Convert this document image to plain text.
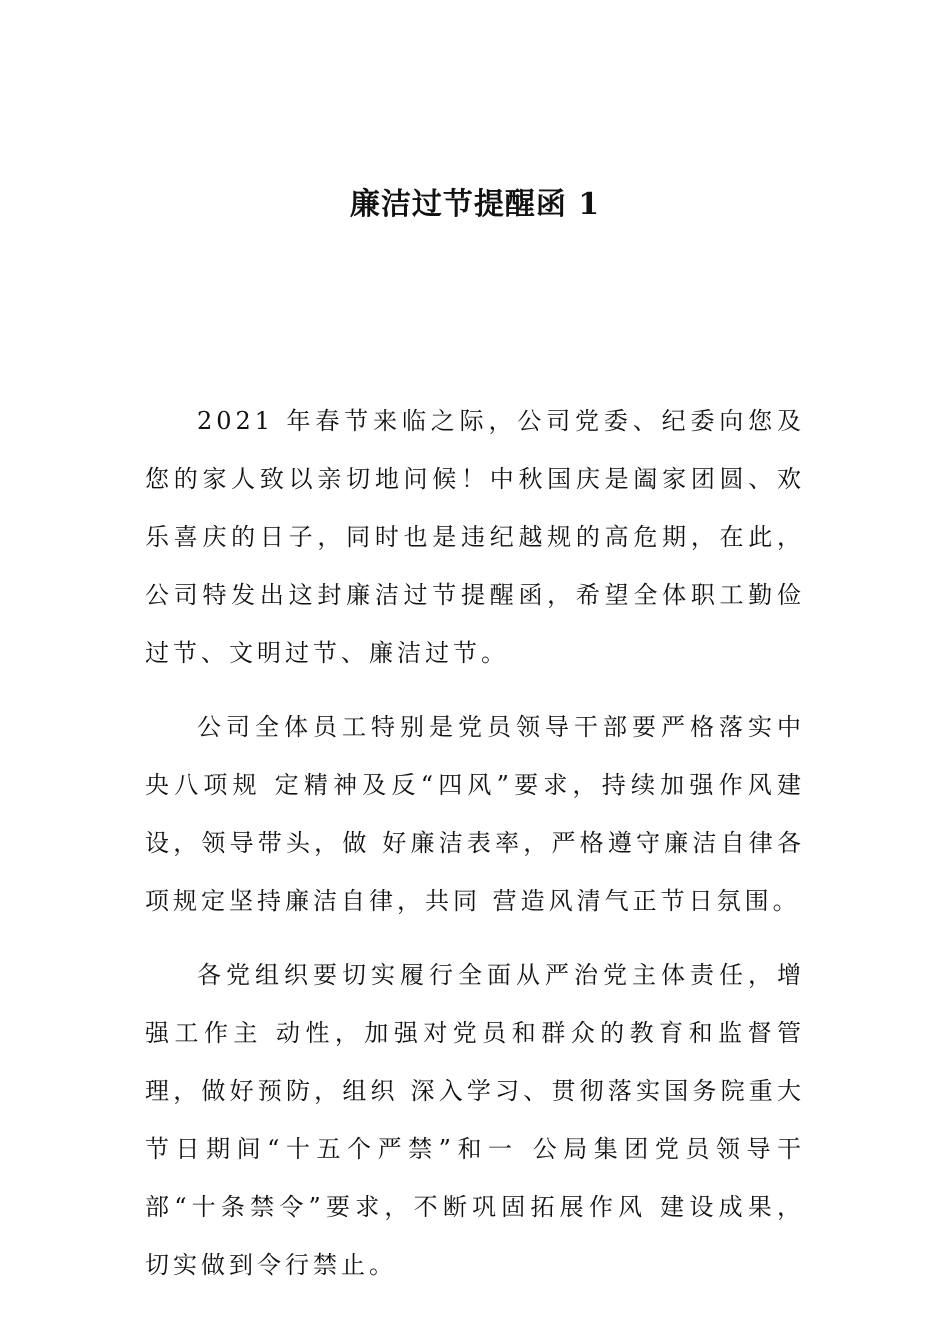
廉洁过节提醒函 1

2021 年春节来临之际，公司党委、纪委向您及您的家人致以亲切地问候！中秋国庆是阖家团圆、欢乐喜庆的日子，同时也是违纪越规的高危期，在此，公司特发出这封廉洁过节提醒函，希望全体职工勤俭过节、文明过节、廉洁过节。

公司全体员工特别是党员领导干部要严格落实中央八项规 定精神及反“四风”要求，持续加强作风建设，领导带头，做 好廉洁表率，严格遵守廉洁自律各项规定坚持廉洁自律，共同 营造风清气正节日氛围。

各党组织要切实履行全面从严治党主体责任，增强工作主 动性，加强对党员和群众的教育和监督管理，做好预防，组织 深入学习、贯彻落实国务院重大节日期间“十五个严禁”和一 公局集团党员领导干部“十条禁令”要求，不断巩固拓展作风 建设成果，切实做到令行禁止。
